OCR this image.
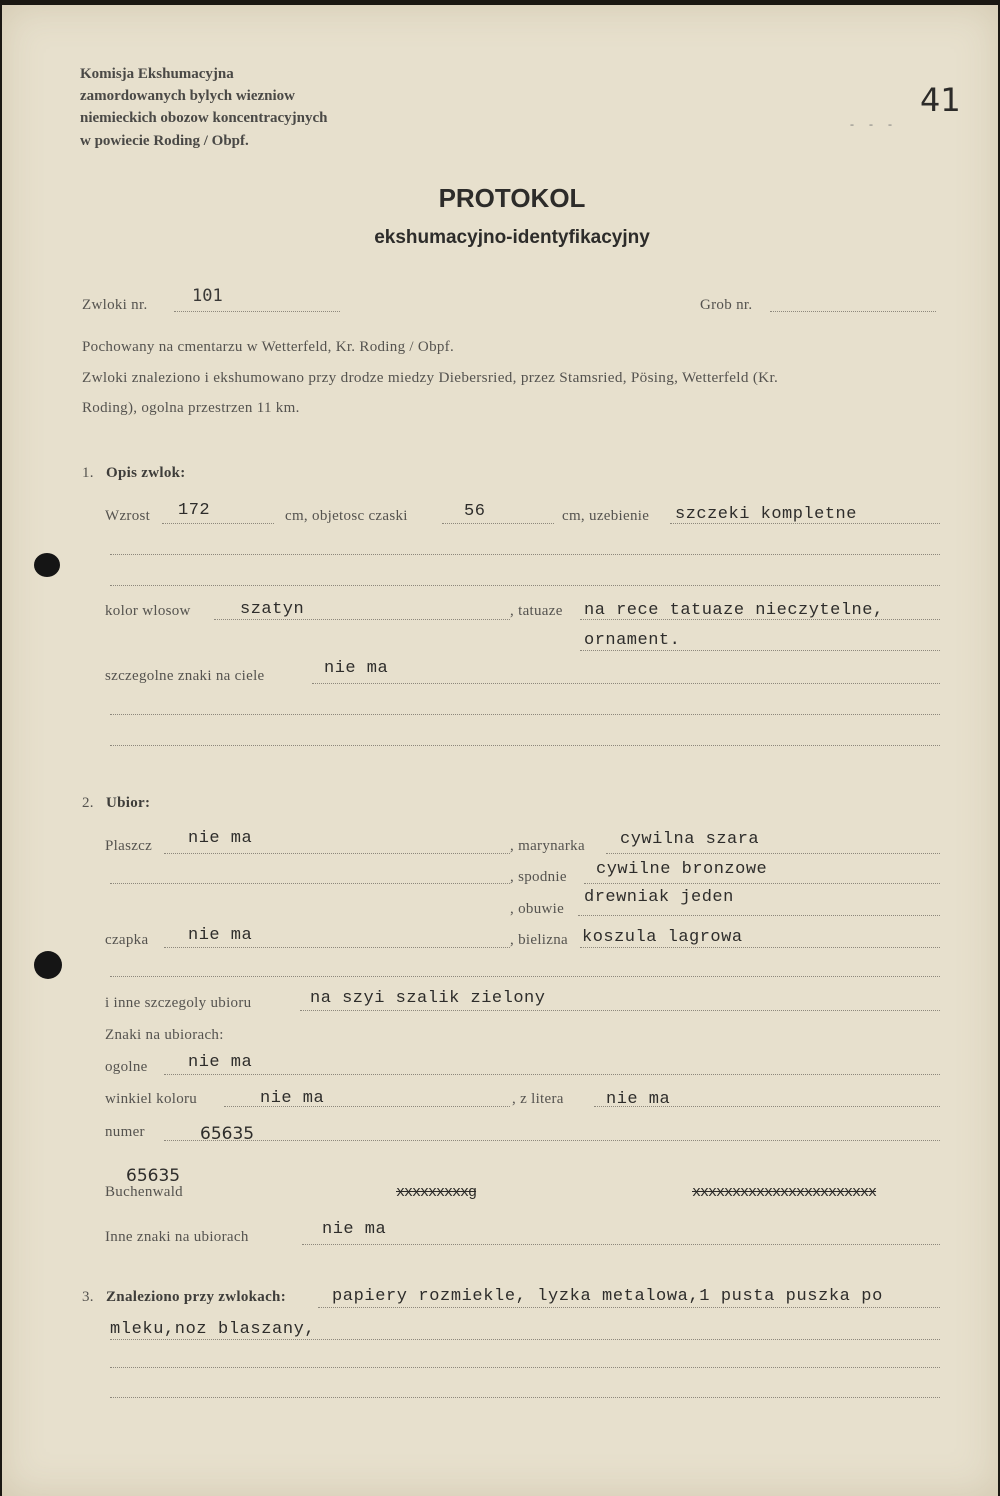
Komisja Ekshumacyjna
zamordowanych bylych wiezniow
niemieckich obozow koncentracyjnych
w powiecie Roding / Obpf.
41
- - -
PROTOKOL
ekshumacyjno-identyfikacyjny
Zwloki nr.	101	Grob nr.
Pochowany na cmentarzu w Wetterfeld, Kr. Roding / Obpf.
Zwloki znaleziono i ekshumowano przy drodze miedzy Diebersried, przez Stamsried, Pösing, Wetterfeld (Kr.
Roding), ogolna przestrzen 11 km.
1. Opis zwlok:
Wzrost 172	cm, objetosc czaski	56	cm, uzebienie szczeki kompletne
kolor wlosow	szatyn	, tatuaze na rece tatuaze nieczytelne,
ornament.
szczegolne znaki na ciele	nie ma
2. Ubior:
Plaszcz nie ma	, marynarka cywilna szara
, spodnie cywilne bronzowe
, obuwie
drewniak jeden
czapka nie ma	, bielizna koszula lagrowa
i inne szczegoly ubioru	na szyi szalik zielony
Znaki na ubiorach:
ogolne nie ma
winkiel koloru	nie ma	, z litera nie ma
numer	65635
65635
Buchenwald	xxxxxxxxxg	xxxxxxxxxxxxxxxxxxxxxxx
Inne znaki na ubiorach	nie ma
3. Znaleziono przy zwlokach:	papiery rozmiekle, lyzka metalowa,1 pusta puszka po
mleku,noz blaszany,
